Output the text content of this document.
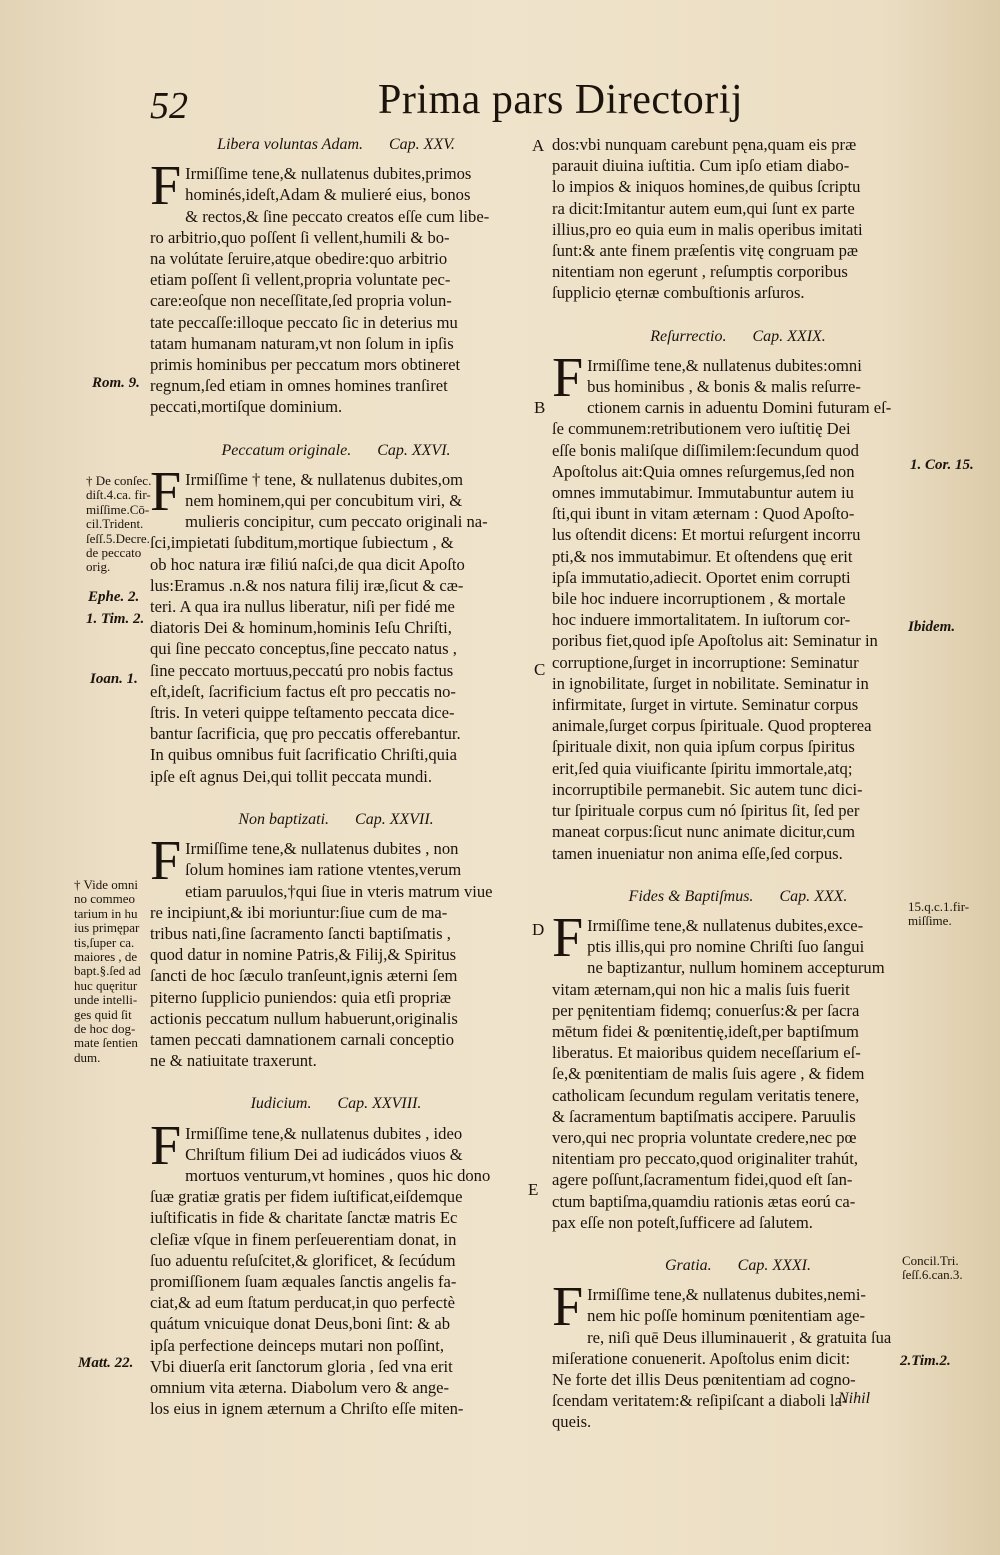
52	Prima pars Directorij
Libera voluntas Adam. Cap. XXV.
F Irmiſſime tene,& nullatenus dubites,primos

hominés,ideſt,Adam & mulieré eius, bonos

& rectos,& ſine peccato creatos eſſe cum libe-

ro arbitrio,quo poſſent ſi vellent,humili & bo-

na volútate ſeruire,atque obedire:quo arbitrio

etiam poſſent ſi vellent,propria voluntate pec-

care:eoſque non neceſſitate,ſed propria volun-

tate peccaſſe:illoque peccato ſic in deterius mu

tatam humanam naturam,vt non ſolum in ipſis

primis hominibus per peccatum mors obtineret

regnum,ſed etiam in omnes homines tranſiret

peccati,mortiſque dominium.

Peccatum originale. Cap. XXVI.
F Irmiſſime † tene, & nullatenus dubites,om

nem hominem,qui per concubitum viri, &

mulieris concipitur, cum peccato originali na-

ſci,impietati ſubditum,mortique ſubiectum , &

ob hoc natura iræ filiú naſci,de qua dicit Apoſto

lus:Eramus .n.& nos natura filij iræ,ſicut & cæ-

teri. A qua ira nullus liberatur, niſi per fidé me

diatoris Dei & hominum,hominis Ieſu Chriſti,

qui ſine peccato conceptus,ſine peccato natus ,

ſine peccato mortuus,peccatú pro nobis factus

eſt,ideſt, ſacrificium factus eſt pro peccatis no-

ſtris. In veteri quippe teſtamento peccata dice-

bantur ſacrificia, quę pro peccatis offerebantur.

In quibus omnibus fuit ſacrificatio Chriſti,quia

ipſe eſt agnus Dei,qui tollit peccata mundi.

Non baptizati. Cap. XXVII.
F Irmiſſime tene,& nullatenus dubites , non

ſolum homines iam ratione vtentes,verum

etiam paruulos,†qui ſiue in vteris matrum viue

re incipiunt,& ibi moriuntur:ſiue cum de ma-

tribus nati,ſine ſacramento ſancti baptiſmatis ,

quod datur in nomine Patris,& Filij,& Spiritus

ſancti de hoc ſæculo tranſeunt,ignis æterni ſem

piterno ſupplicio puniendos: quia etſi propriæ

actionis peccatum nullum habuerunt,originalis

tamen peccati damnationem carnali conceptio

ne & natiuitate traxerunt.

Iudicium. Cap. XXVIII.
F Irmiſſime tene,& nullatenus dubites , ideo

Chriſtum filium Dei ad iudicádos viuos &

mortuos venturum,vt homines , quos hic dono

ſuæ gratiæ gratis per fidem iuſtificat,eiſdemque

iuſtificatis in fide & charitate ſanctæ matris Ec

cleſiæ vſque in finem perſeuerentiam donat, in

ſuo aduentu reſuſcitet,& glorificet, & ſecúdum

promiſſionem ſuam æquales ſanctis angelis fa-

ciat,& ad eum ſtatum perducat,in quo perfectè

quátum vnicuique donat Deus,boni ſint: & ab

ipſa perfectione deinceps mutari non poſſint,

Vbi diuerſa erit ſanctorum gloria , ſed vna erit

omnium vita æterna. Diabolum vero & ange-

los eius in ignem æternum a Chriſto eſſe miten-

Rom. 9.
† De conſec.
diſt.4.ca. fir-
miſſime.Cō-
cil.Trident.
ſeſſ.5.Decre.
de peccato
orig.
Ephe. 2.
1. Tim. 2.
Ioan. 1.
† Vide omni
no commeo
tarium in hu
ius primępar
tis,ſuper ca.
maiores , de
bapt.§.ſed ad
huc quęritur
unde intelli-
ges quid ſit
de hoc dog-
mate ſentien
dum.
Matt. 22.

dos:vbi nunquam carebunt pęna,quam eis præ

parauit diuina iuſtitia. Cum ipſo etiam diabo-

lo impios & iniquos homines,de quibus ſcriptu

ra dicit:Imitantur autem eum,qui ſunt ex parte

illius,pro eo quia eum in malis operibus imitati

ſunt:& ante finem præſentis vitę congruam pæ

nitentiam non egerunt , reſumptis corporibus

ſupplicio ęternæ combuſtionis arſuros.

Reſurrectio. Cap. XXIX.
F Irmiſſime tene,& nullatenus dubites:omni

bus hominibus , & bonis & malis reſurre-

ctionem carnis in aduentu Domini futuram eſ-

ſe communem:retributionem vero iuſtitię Dei

eſſe bonis maliſque diſſimilem:ſecundum quod

Apoſtolus ait:Quia omnes reſurgemus,ſed non

omnes immutabimur. Immutabuntur autem iu

ſti,qui ibunt in vitam æternam : Quod Apoſto-

lus oſtendit dicens: Et mortui reſurgent incorru

pti,& nos immutabimur. Et oſtendens quę erit

ipſa immutatio,adiecit. Oportet enim corrupti

bile hoc induere incorruptionem , & mortale

hoc induere immortalitatem. In iuſtorum cor-

poribus fiet,quod ipſe Apoſtolus ait: Seminatur in

corruptione,ſurget in incorruptione: Seminatur

in ignobilitate, ſurget in nobilitate. Seminatur in

infirmitate, ſurget in virtute. Seminatur corpus

animale,ſurget corpus ſpirituale. Quod propterea

ſpirituale dixit, non quia ipſum corpus ſpiritus

erit,ſed quia viuificante ſpiritu immortale,atq;

incorruptibile permanebit. Sic autem tunc dici-

tur ſpirituale corpus cum nó ſpiritus ſit, ſed per

maneat corpus:ſicut nunc animate dicitur,cum

tamen inueniatur non anima eſſe,ſed corpus.

Fides & Baptiſmus. Cap. XXX.
F Irmiſſime tene,& nullatenus dubites,exce-

ptis illis,qui pro nomine Chriſti ſuo ſangui

ne baptizantur, nullum hominem accepturum

vitam æternam,qui non hic a malis ſuis fuerit

per pęnitentiam fidemq; conuerſus:& per ſacra

mētum fidei & pœnitentię,ideſt,per baptiſmum

liberatus. Et maioribus quidem neceſſarium eſ-

ſe,& pœnitentiam de malis ſuis agere , & fidem

catholicam ſecundum regulam veritatis tenere,

& ſacramentum baptiſmatis accipere. Paruulis

vero,qui nec propria voluntate credere,nec pœ

nitentiam pro peccato,quod originaliter trahút,

agere poſſunt,ſacramentum fidei,quod eſt ſan-

ctum baptiſma,quamdiu rationis ætas eorú ca-

pax eſſe non poteſt,ſufficere ad ſalutem.

Gratia. Cap. XXXI.
F Irmiſſime tene,& nullatenus dubites,nemi-

nem hic poſſe hominum pœnitentiam age-

re, niſi quē Deus illuminauerit , & gratuita ſua

miſeratione conuenerit. Apoſtolus enim dicit:

Ne forte det illis Deus pœnitentiam ad cogno-

ſcendam veritatem:& reſipiſcant a diaboli la-

queis.

A
B
C
D
E
1. Cor. 15.
Ibidem.
15.q.c.1.fir-
miſſime.
Concil.Tri.
ſeſſ.6.can.3.
2.Tim.2.
Nihil
